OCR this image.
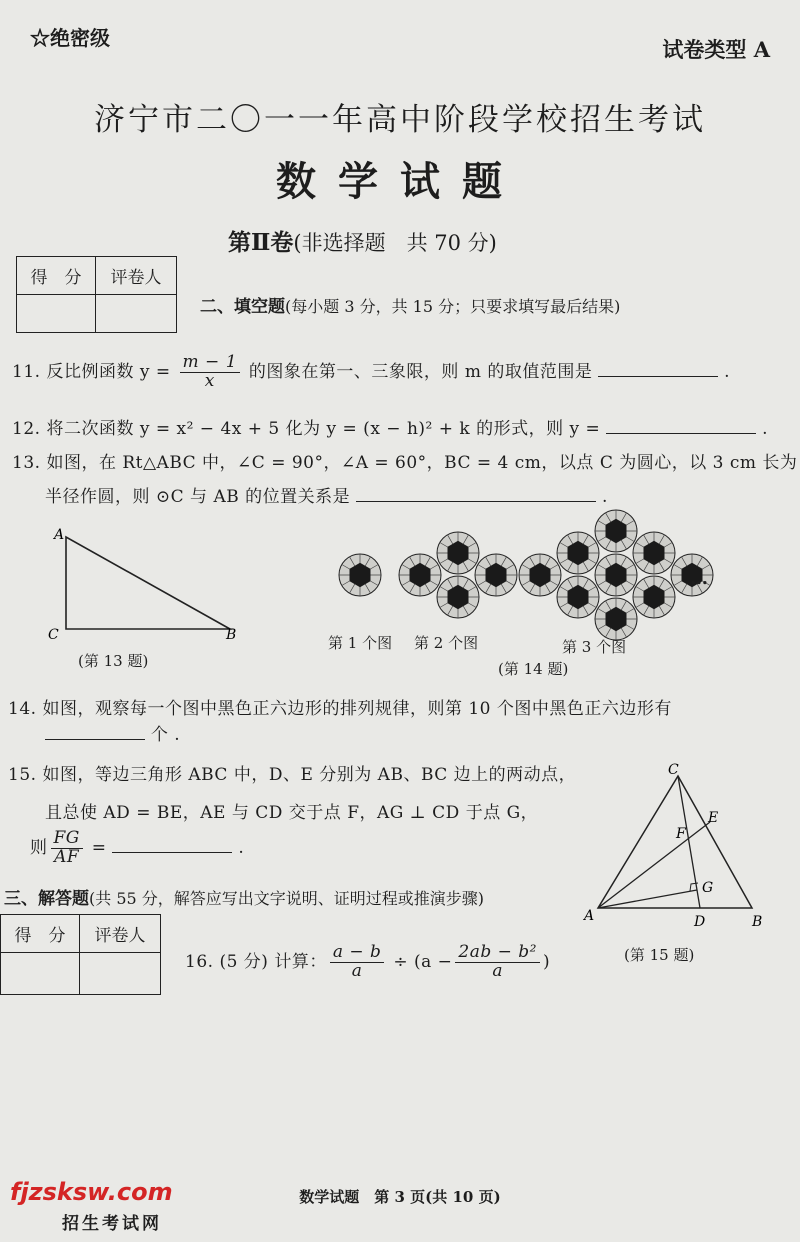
☆绝密级	试卷类型 A
济宁市二〇一一年高中阶段学校招生考试
数学试题
第Ⅱ卷(非选择题　共 70 分)
得　分	评卷人

二、填空题(每小题 3 分，共 15 分；只要求填写最后结果)
11. 反比例函数 $y = \frac{m - 1}{x}$ 的图象在第一、三象限，则 m 的取值范围是	.
12. 将二次函数 y = x² − 4x + 5 化为 y = (x − h)² + k 的形式，则 y =	.
13. 如图，在 Rt△ABC 中，∠C = 90°，∠A = 60°，BC = 4 cm，以点 C 为圆心，以 3 cm 长为
半径作圆，则 ⊙C 与 AB 的位置关系是	.
A
C	B
(第 13 题)
第 1 个图 第 2 个图	第 3 个图
…
(第 14 题)
14. 如图，观察每一个图中黑色正六边形的排列规律，则第 10 个图中黑色正六边形有
个 .
15. 如图，等边三角形 ABC 中，D、E 分别为 AB、BC 边上的两动点，
且总使 AD = BE，AE 与 CD 交于点 F，AG ⊥ CD 于点 G，
则 $\frac{FG}{AF}$ =	.
C
E
F
G
A	D	B
(第 15 题)
三、解答题(共 55 分，解答应写出文字说明、证明过程或推演步骤)
得　分	评卷人

16. (5 分) 计算： $\frac{a - b}{a} \div (a - \frac{\text{2ab − b²}}{a}$ )
数学试题　第 3 页(共 10 页)
fjzsksw.com
招生考试网
